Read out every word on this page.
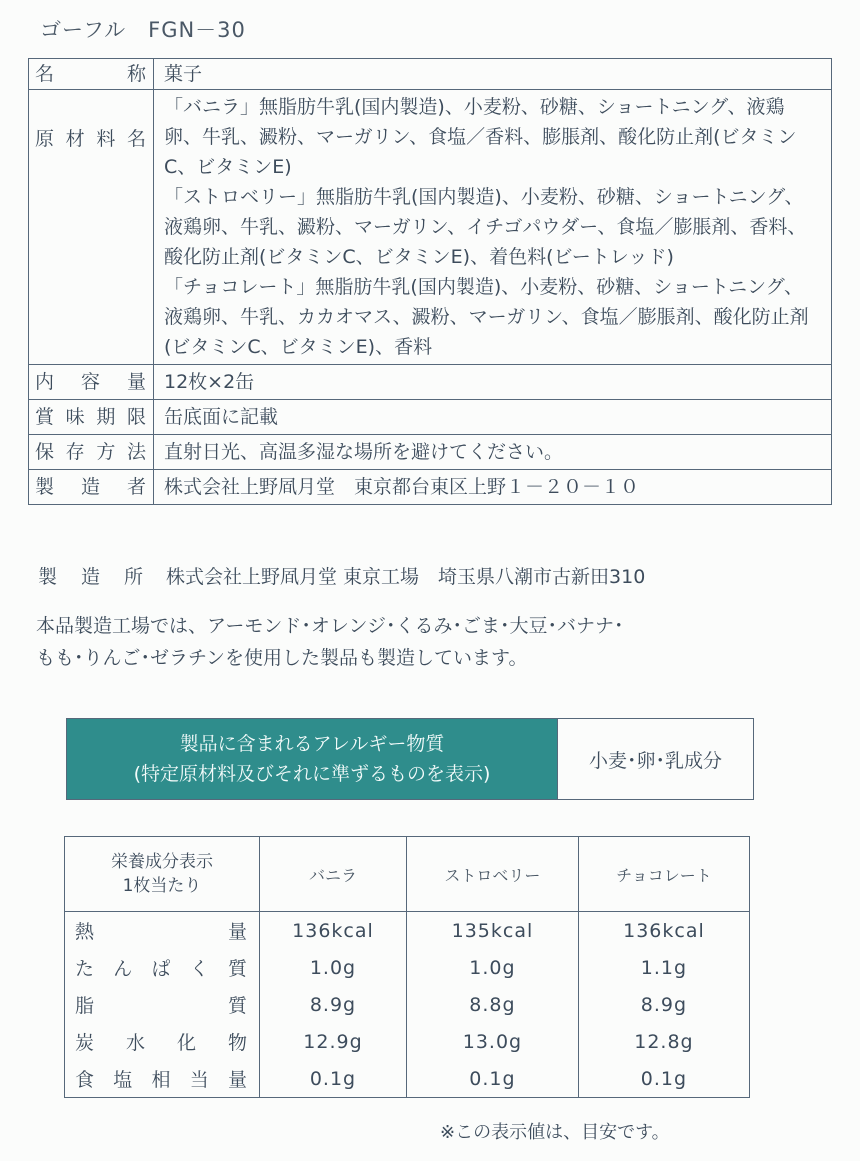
ゴーフル　FGN－30
名　称	菓子
原材料名	「バニラ」無脂肪牛乳(国内製造)、小麦粉、砂糖、ショートニング、液鶏卵、牛乳、澱粉、マーガリン、食塩／香料、膨脹剤、酸化防止剤(ビタミンC、ビタミンE)

「ストロベリー」無脂肪牛乳(国内製造)、小麦粉、砂糖、ショートニング、液鶏卵、牛乳、澱粉、マーガリン、イチゴパウダー、食塩／膨脹剤、香料、酸化防止剤(ビタミンC、ビタミンE)、着色料(ビートレッド)

「チョコレート」無脂肪牛乳(国内製造)、小麦粉、砂糖、ショートニング、液鶏卵、牛乳、カカオマス、澱粉、マーガリン、食塩／膨脹剤、酸化防止剤(ビタミンC、ビタミンE)、香料

内容量	12枚×2缶
賞味期限	缶底面に記載
保存方法	直射日光、高温多湿な場所を避けてください。
製造者	株式会社上野凮月堂　東京都台東区上野１－２０－１０
製造所 株式会社上野凮月堂 東京工場　埼玉県八潮市古新田310
本品製造工場では、アーモンド･オレンジ･くるみ･ごま･大豆･バナナ･
もも･りんご･ゼラチンを使用した製品も製造しています。
製品に含まれるアレルギー物質
(特定原材料及びそれに準ずるものを表示)
小麦･卵･乳成分
栄養成分表示
1枚当たり	バニラ	ストロベリー	チョコレート
熱量	136kcal	135kcal	136kcal
たんぱく質	1.0g	1.0g	1.1g
脂質	8.9g	8.8g	8.9g
炭水化物	12.9g	13.0g	12.8g
食塩相当量	0.1g	0.1g	0.1g
※この表示値は、目安です。
